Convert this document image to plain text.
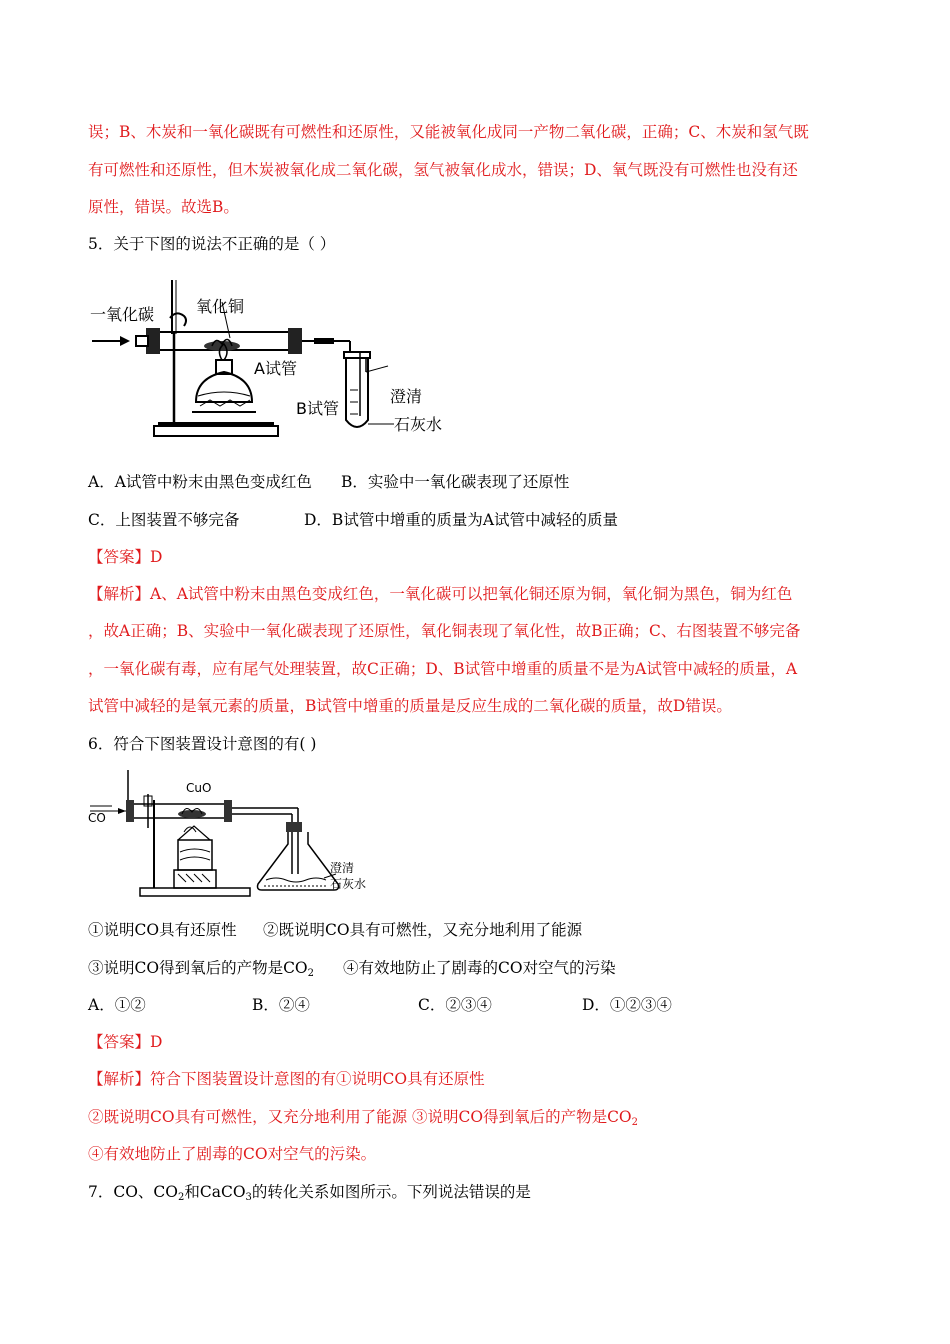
误；B、木炭和一氧化碳既有可燃性和还原性，又能被氧化成同一产物二氧化碳，正确；C、木炭和氢气既
有可燃性和还原性，但木炭被氧化成二氧化碳，氢气被氧化成水，错误；D、氧气既没有可燃性也没有还
原性，错误。故选B。
5．关于下图的说法不正确的是（ ）
一氧化碳	氧化铜
A试管
B试管
澄清
石灰水
A．A试管中粉末由黑色变成红色 B．实验中一氧化碳表现了还原性
C．上图装置不够完备	D．B试管中增重的质量为A试管中减轻的质量
【答案】D
【解析】A、A试管中粉末由黑色变成红色，一氧化碳可以把氧化铜还原为铜，氧化铜为黑色，铜为红色
，故A正确；B、实验中一氧化碳表现了还原性，氧化铜表现了氧化性，故B正确；C、右图装置不够完备
，一氧化碳有毒，应有尾气处理装置，故C正确；D、B试管中增重的质量不是为A试管中减轻的质量，A
试管中减轻的是氧元素的质量，B试管中增重的质量是反应生成的二氧化碳的质量，故D错误。
6．符合下图装置设计意图的有( )
CO
CuO
澄清
石灰水
①说明CO具有还原性 ②既说明CO具有可燃性，又充分地利用了能源
③说明CO得到氧后的产物是$CO_2$ ④有效地防止了剧毒的CO对空气的污染
A．①②	B．②④	C．②③④	D．①②③④
【答案】D
【解析】符合下图装置设计意图的有①说明CO具有还原性
②既说明CO具有可燃性，又充分地利用了能源 ③说明CO得到氧后的产物是$CO_2$
④有效地防止了剧毒的CO对空气的污染。
7．CO、$CO_2$和CaCO$_3$的转化关系如图所示。下列说法错误的是
